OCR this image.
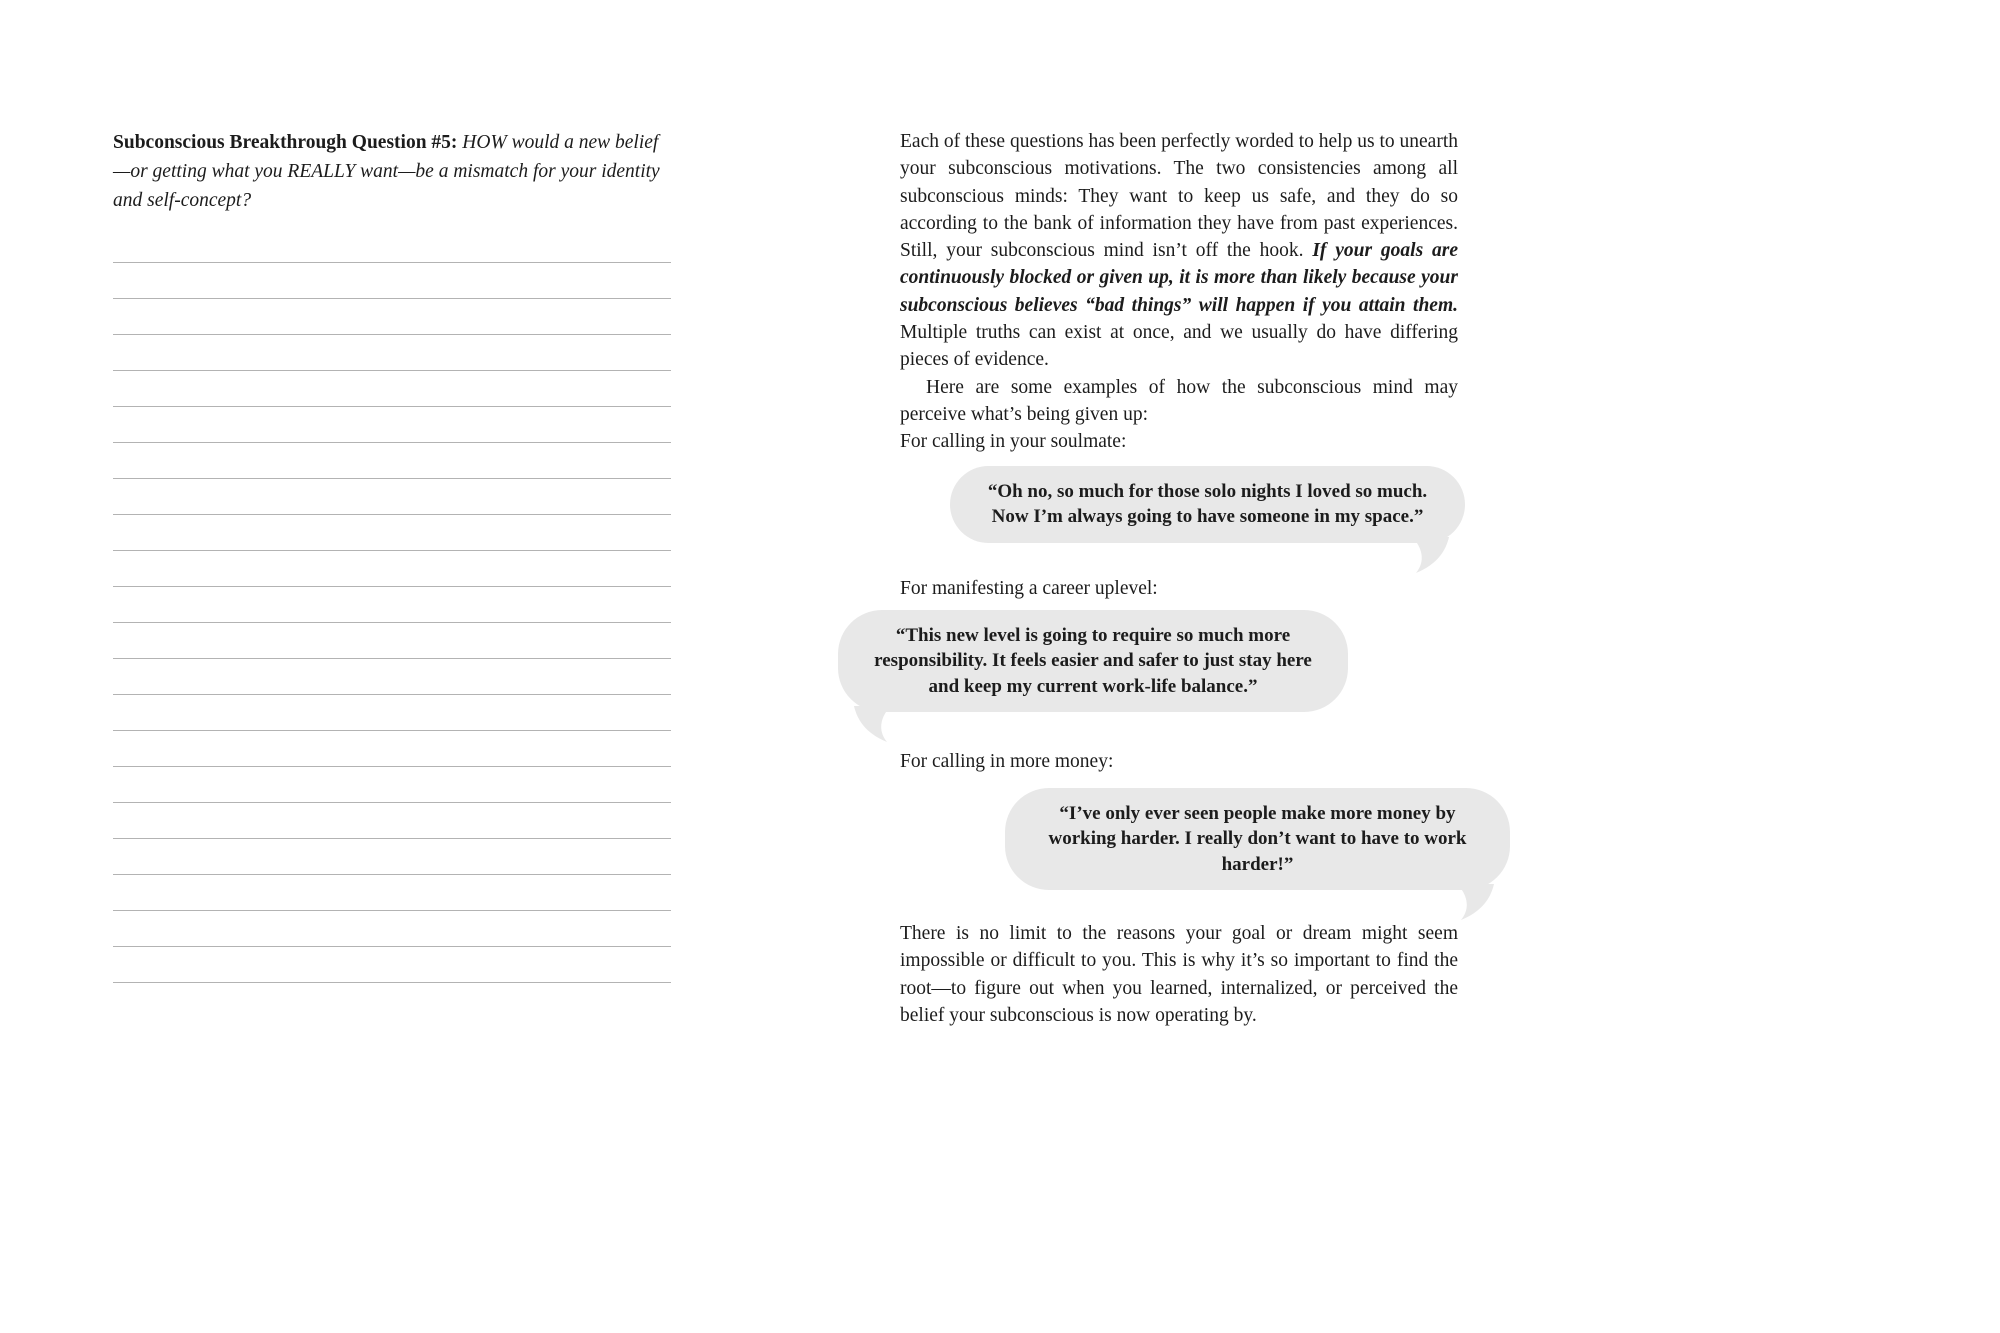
Subconscious Breakthrough Question #5: HOW would a new belief—or getting what you REALLY want—be a mismatch for your identity and self-concept?

Each of these questions has been perfectly worded to help us to unearth your subconscious motivations. The two consistencies among all subconscious minds: They want to keep us safe, and they do so according to the bank of information they have from past experiences. Still, your subconscious mind isn’t off the hook. If your goals are continuously blocked or given up, it is more than likely because your subconscious believes “bad things” will happen if you attain them. Multiple truths can exist at once, and we usually do have differing pieces of evidence.

Here are some examples of how the subconscious mind may perceive what’s being given up:

For calling in your soulmate:

“Oh no, so much for those solo nights I loved so much. Now I’m always going to have someone in my space.”

For manifesting a career uplevel:

“This new level is going to require so much more responsibility. It feels easier and safer to just stay here and keep my current work-life balance.”

For calling in more money:

“I’ve only ever seen people make more money by working harder. I really don’t want to have to work harder!”

There is no limit to the reasons your goal or dream might seem impossible or difficult to you. This is why it’s so important to find the root—to figure out when you learned, internalized, or perceived the belief your subconscious is now operating by.
